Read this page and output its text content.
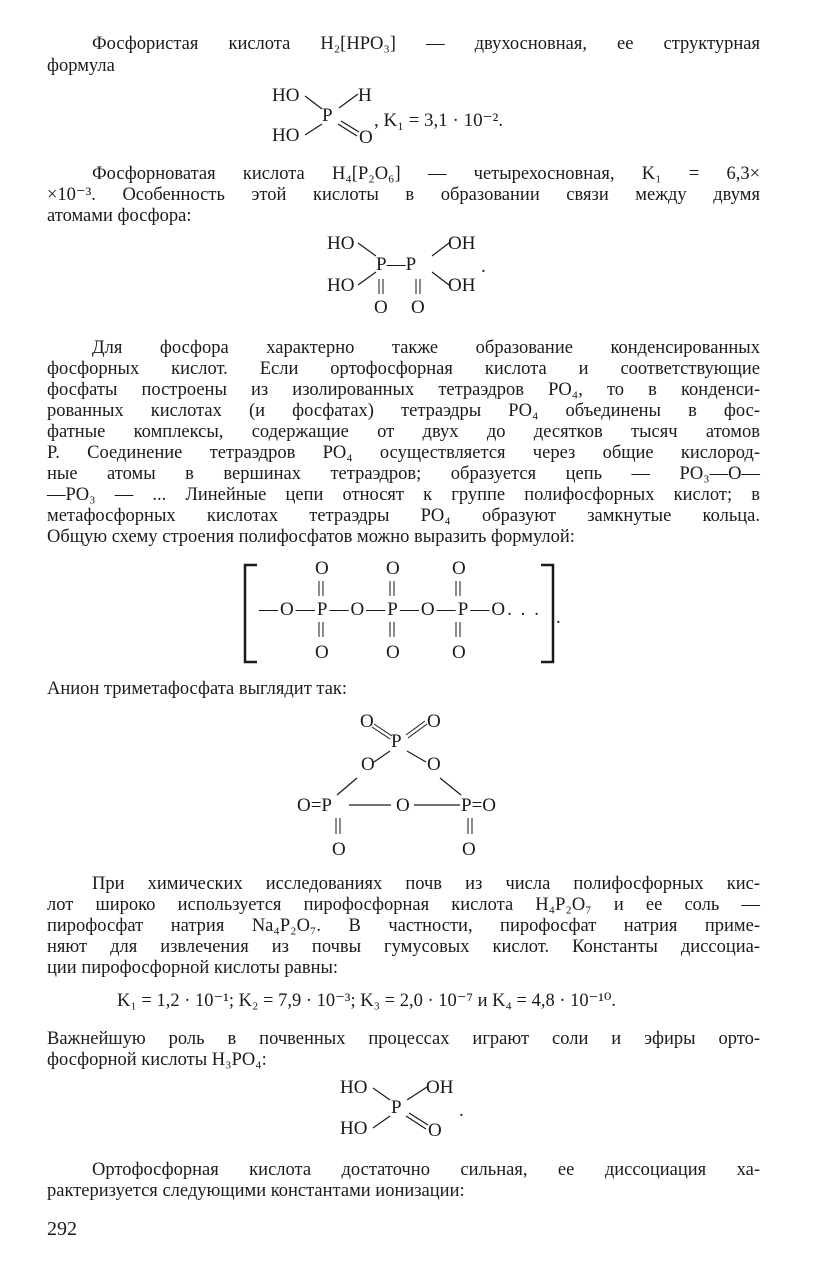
Фосфористая кислота H₂[HPO₃] — двухосновная, ее структурная
формула
HO	H
P
HO	O
, K₁ = 3,1 · 10⁻².
Фосфорноватая кислота H₄[P₂O₆] — четырехосновная, K₁ = 6,3×
×10⁻³. Особенность этой кислоты в образовании связи между двумя
атомами фосфора:
HO	OH
P—P
HO	OH
O O
.
Для фосфора характерно также образование конденсированных
фосфорных кислот. Если ортофосфорная кислота и соответствующие
фосфаты построены из изолированных тетраэдров PO₄, то в конденси-
рованных кислотах (и фосфатах) тетраэдры PO₄ объединены в фос-
фатные комплексы, содержащие от двух до десятков тысяч атомов
P. Соединение тетраэдров PO₄ осуществляется через общие кислород-
ные атомы в вершинах тетраэдров; образуется цепь — PO₃—O—
—PO₃ — ... Линейные цепи относят к группе полифосфорных кислот; в
метафосфорных кислотах тетраэдры PO₄ образуют замкнутые кольца.
Общую схему строения полифосфатов можно выразить формулой:
O	O	O
—O—P—O—P—O—P—O. . .
O	O	O
.
Анион триметафосфата выглядит так:
O	O
P
O	O
O=P	O	P=O
O	O
При химических исследованиях почв из числа полифосфорных кис-
лот широко используется пирофосфорная кислота H₄P₂O₇ и ее соль —
пирофосфат натрия Na₄P₂O₇. В частности, пирофосфат натрия приме-
няют для извлечения из почвы гумусовых кислот. Константы диссоциа-
ции пирофосфорной кислоты равны:
K₁ = 1,2 · 10⁻¹; K₂ = 7,9 · 10⁻³; K₃ = 2,0 · 10⁻⁷ и K₄ = 4,8 · 10⁻¹⁰.
Важнейшую роль в почвенных процессах играют соли и эфиры орто-
фосфорной кислоты H₃PO₄:
HO	OH
P
HO	O
.
Ортофосфорная кислота достаточно сильная, ее диссоциация ха-
рактеризуется следующими константами ионизации:
292
